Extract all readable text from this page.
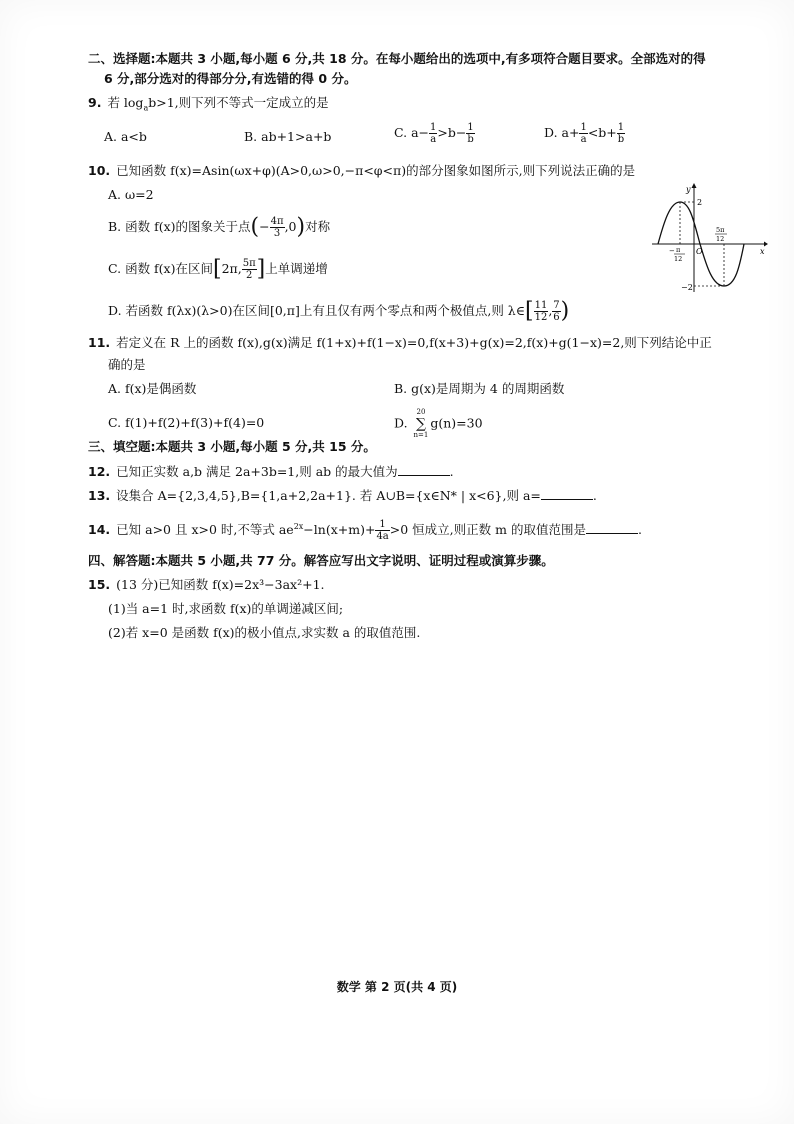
二、选择题:本题共 3 小题,每小题 6 分,共 18 分。在每小题给出的选项中,有多项符合题目要求。全部选对的得
6 分,部分选对的得部分分,有选错的得 0 分。
9. 若 $\log_ab>1$,则下列不等式一定成立的是
A. a<b	B. ab+1>a+b	C. $a- \frac{1}{a} >b- \frac{1}{b}$	D. $a+ \frac{1}{a} <b+ \frac{1}{b}$
10. 已知函数 f(x)=Asin(ωx+φ)(A>0,ω>0,−π<φ<π)的部分图象如图所示,则下列说法正确的是
A. ω=2
B. 函数 f(x)的图象关于点(− $\frac{4\pi}{3} ,0$)对称
C. 函数 f(x)在区间[2π, $\frac{5\pi}{2}$ ]上单调递增
D. 若函数 f(λx)(λ>0)在区间[0,π]上有且仅有两个零点和两个极值点,则 λ∈[ $\frac{11}{12}$ , $\frac{7}{6}$ )
y
x
2
−2
O
− π
12
5π
12
11. 若定义在 R 上的函数 f(x),g(x)满足 f(1+x)+f(1−x)=0,f(x+3)+g(x)=2,f(x)+g(1−x)=2,则下列结论中正
确的是
A. f(x)是偶函数	B. g(x)是周期为 4 的周期函数
C. f(1)+f(2)+f(3)+f(4)=0	D.
20
∑
n=1
g(n)=30
三、填空题:本题共 3 小题,每小题 5 分,共 15 分。
12. 已知正实数 a,b 满足 2a+3b=1,则 ab 的最大值为	.
13. 设集合 A={2,3,4,5},B={1,a+2,2a+1}. 若 A∪B={x∈N* | x<6},则 a=	.
14. 已知 a>0 且 x>0 时,不等式 $ae^{2x}-\ln(x+m)+ \frac{1}{4a} >0$ 恒成立,则正数 m 的取值范围是	.
四、解答题:本题共 5 小题,共 77 分。解答应写出文字说明、证明过程或演算步骤。
15. (13 分)已知函数 f(x)=2x³−3ax²+1.
(1)当 a=1 时,求函数 f(x)的单调递减区间;
(2)若 x=0 是函数 f(x)的极小值点,求实数 a 的取值范围.
数学 第 2 页(共 4 页)
